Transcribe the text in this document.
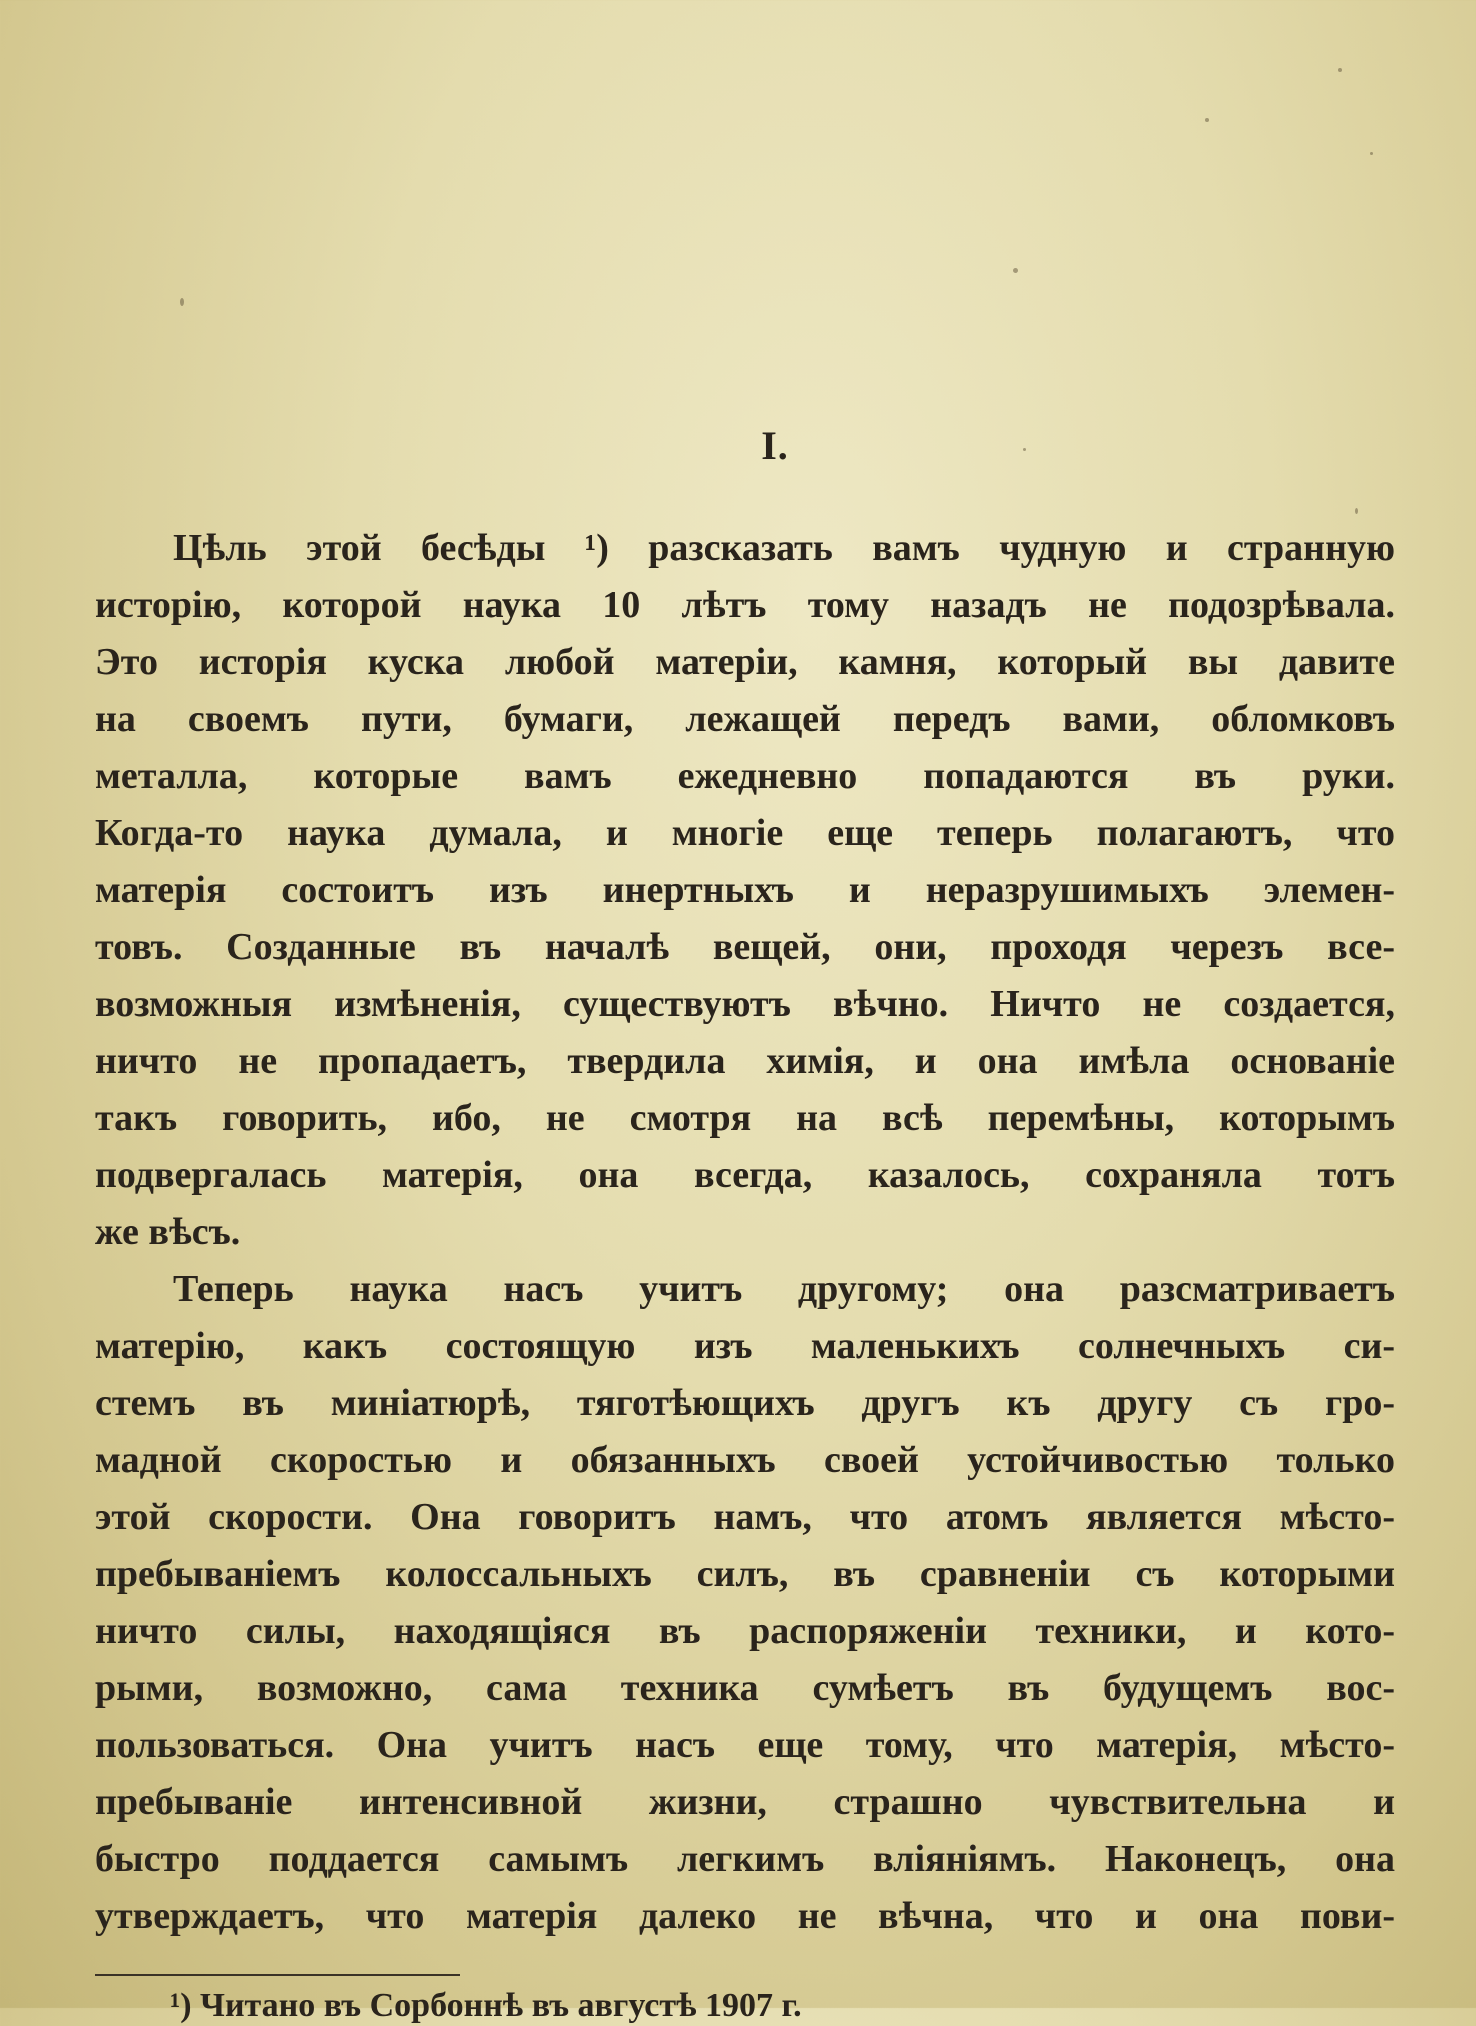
I.
Цѣль этой бесѣды ¹) разсказать вамъ чудную и странную
исторію, которой наука 10 лѣтъ тому назадъ не подозрѣвала.
Это исторія куска любой матеріи, камня, который вы давите
на своемъ пути, бумаги, лежащей передъ вами, обломковъ
металла, которые вамъ ежедневно попадаются въ руки.
Когда-то наука думала, и многіе еще теперь полагаютъ, что
матерія состоитъ изъ инертныхъ и неразрушимыхъ элемен-
товъ. Созданные въ началѣ вещей, они, проходя черезъ все-
возможныя измѣненія, существуютъ вѣчно. Ничто не создается,
ничто не пропадаетъ, твердила химія, и она имѣла основаніе
такъ говорить, ибо, не смотря на всѣ перемѣны, которымъ
подвергалась матерія, она всегда, казалось, сохраняла тотъ
же вѣсъ.
Теперь наука насъ учитъ другому; она разсматриваетъ
матерію, какъ состоящую изъ маленькихъ солнечныхъ си-
стемъ въ миніатюрѣ, тяготѣющихъ другъ къ другу съ гро-
мадной скоростью и обязанныхъ своей устойчивостью только
этой скорости. Она говоритъ намъ, что атомъ является мѣсто-
пребываніемъ колоссальныхъ силъ, въ сравненіи съ которыми
ничто силы, находящіяся въ распоряженіи техники, и кото-
рыми, возможно, сама техника сумѣетъ въ будущемъ вос-
пользоваться. Она учитъ насъ еще тому, что матерія, мѣсто-
пребываніе интенсивной жизни, страшно чувствительна и
быстро поддается самымъ легкимъ вліяніямъ. Наконецъ, она
утверждаетъ, что матерія далеко не вѣчна, что и она пови-
¹) Читано въ Сорбоннѣ въ августѣ 1907 г.
